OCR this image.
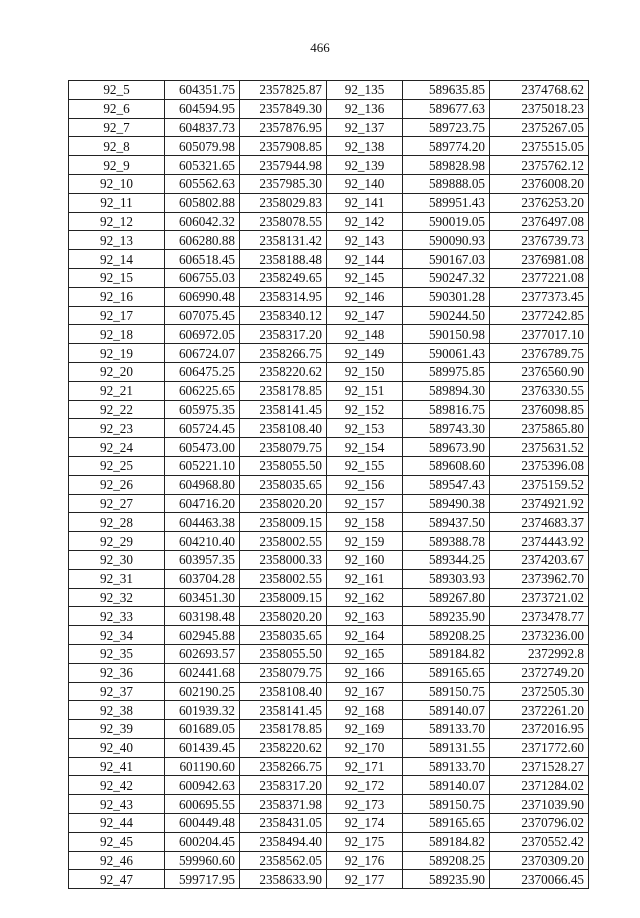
466
92_5	604351.75	2357825.87	92_135	589635.85	2374768.62
92_6	604594.95	2357849.30	92_136	589677.63	2375018.23
92_7	604837.73	2357876.95	92_137	589723.75	2375267.05
92_8	605079.98	2357908.85	92_138	589774.20	2375515.05
92_9	605321.65	2357944.98	92_139	589828.98	2375762.12
92_10	605562.63	2357985.30	92_140	589888.05	2376008.20
92_11	605802.88	2358029.83	92_141	589951.43	2376253.20
92_12	606042.32	2358078.55	92_142	590019.05	2376497.08
92_13	606280.88	2358131.42	92_143	590090.93	2376739.73
92_14	606518.45	2358188.48	92_144	590167.03	2376981.08
92_15	606755.03	2358249.65	92_145	590247.32	2377221.08
92_16	606990.48	2358314.95	92_146	590301.28	2377373.45
92_17	607075.45	2358340.12	92_147	590244.50	2377242.85
92_18	606972.05	2358317.20	92_148	590150.98	2377017.10
92_19	606724.07	2358266.75	92_149	590061.43	2376789.75
92_20	606475.25	2358220.62	92_150	589975.85	2376560.90
92_21	606225.65	2358178.85	92_151	589894.30	2376330.55
92_22	605975.35	2358141.45	92_152	589816.75	2376098.85
92_23	605724.45	2358108.40	92_153	589743.30	2375865.80
92_24	605473.00	2358079.75	92_154	589673.90	2375631.52
92_25	605221.10	2358055.50	92_155	589608.60	2375396.08
92_26	604968.80	2358035.65	92_156	589547.43	2375159.52
92_27	604716.20	2358020.20	92_157	589490.38	2374921.92
92_28	604463.38	2358009.15	92_158	589437.50	2374683.37
92_29	604210.40	2358002.55	92_159	589388.78	2374443.92
92_30	603957.35	2358000.33	92_160	589344.25	2374203.67
92_31	603704.28	2358002.55	92_161	589303.93	2373962.70
92_32	603451.30	2358009.15	92_162	589267.80	2373721.02
92_33	603198.48	2358020.20	92_163	589235.90	2373478.77
92_34	602945.88	2358035.65	92_164	589208.25	2373236.00
92_35	602693.57	2358055.50	92_165	589184.82	2372992.8
92_36	602441.68	2358079.75	92_166	589165.65	2372749.20
92_37	602190.25	2358108.40	92_167	589150.75	2372505.30
92_38	601939.32	2358141.45	92_168	589140.07	2372261.20
92_39	601689.05	2358178.85	92_169	589133.70	2372016.95
92_40	601439.45	2358220.62	92_170	589131.55	2371772.60
92_41	601190.60	2358266.75	92_171	589133.70	2371528.27
92_42	600942.63	2358317.20	92_172	589140.07	2371284.02
92_43	600695.55	2358371.98	92_173	589150.75	2371039.90
92_44	600449.48	2358431.05	92_174	589165.65	2370796.02
92_45	600204.45	2358494.40	92_175	589184.82	2370552.42
92_46	599960.60	2358562.05	92_176	589208.25	2370309.20
92_47	599717.95	2358633.90	92_177	589235.90	2370066.45
